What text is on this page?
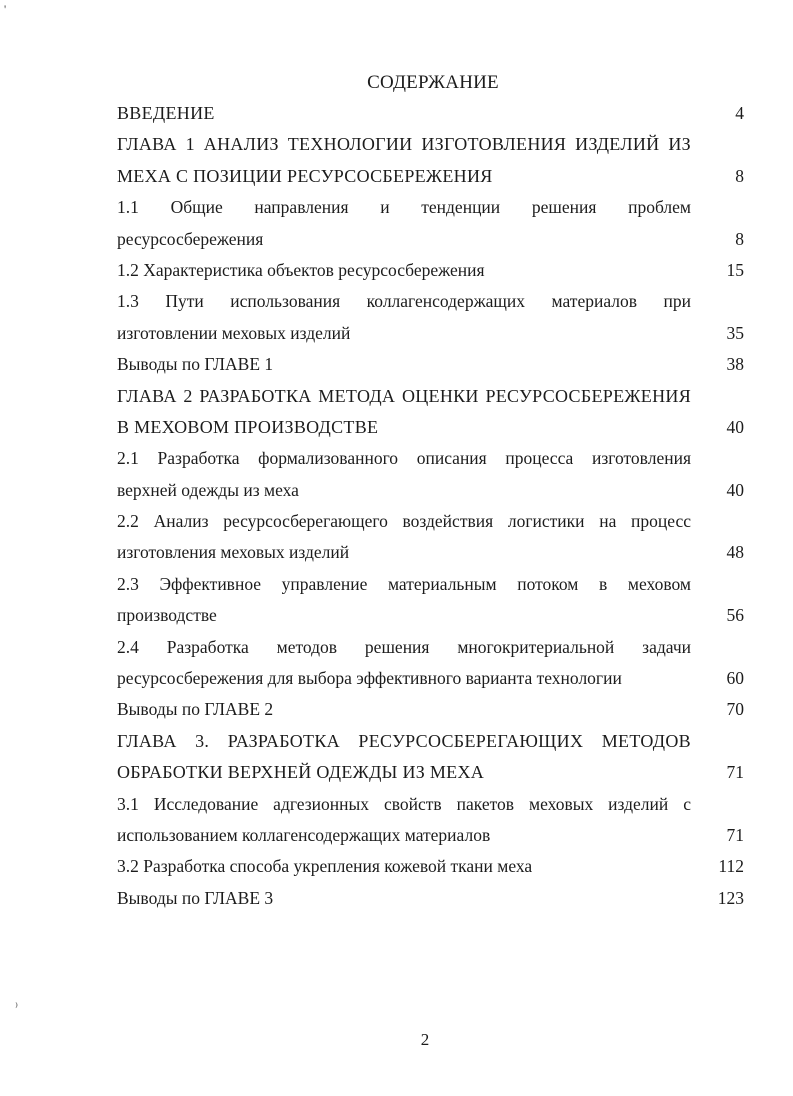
'
⁾
СОДЕРЖАНИЕ
ВВЕДЕНИЕ	4
ГЛАВА 1 АНАЛИЗ ТЕХНОЛОГИИ ИЗГОТОВЛЕНИЯ ИЗДЕЛИЙ ИЗ
МЕХА С ПОЗИЦИИ РЕСУРСОСБЕРЕЖЕНИЯ	8
1.1 Общие направления и тенденции решения проблем
ресурсосбережения	8
1.2 Характеристика объектов ресурсосбережения	15
1.3 Пути использования коллагенсодержащих материалов при
изготовлении меховых изделий	35
Выводы по ГЛАВЕ 1	38
ГЛАВА 2 РАЗРАБОТКА МЕТОДА ОЦЕНКИ РЕСУРСОСБЕРЕЖЕНИЯ
В МЕХОВОМ ПРОИЗВОДСТВЕ	40
2.1 Разработка формализованного описания процесса изготовления
верхней одежды из меха	40
2.2 Анализ ресурсосберегающего воздействия логистики на процесс
изготовления меховых изделий	48
2.3 Эффективное управление материальным потоком в меховом
производстве	56
2.4 Разработка методов решения многокритериальной задачи
ресурсосбережения для выбора эффективного варианта технологии	60
Выводы по ГЛАВЕ 2	70
ГЛАВА 3. РАЗРАБОТКА РЕСУРСОСБЕРЕГАЮЩИХ МЕТОДОВ
ОБРАБОТКИ ВЕРХНЕЙ ОДЕЖДЫ ИЗ МЕХА	71
3.1 Исследование адгезионных свойств пакетов меховых изделий с
использованием коллагенсодержащих материалов	71
3.2 Разработка способа укрепления кожевой ткани меха	112
Выводы по ГЛАВЕ 3	123
2
